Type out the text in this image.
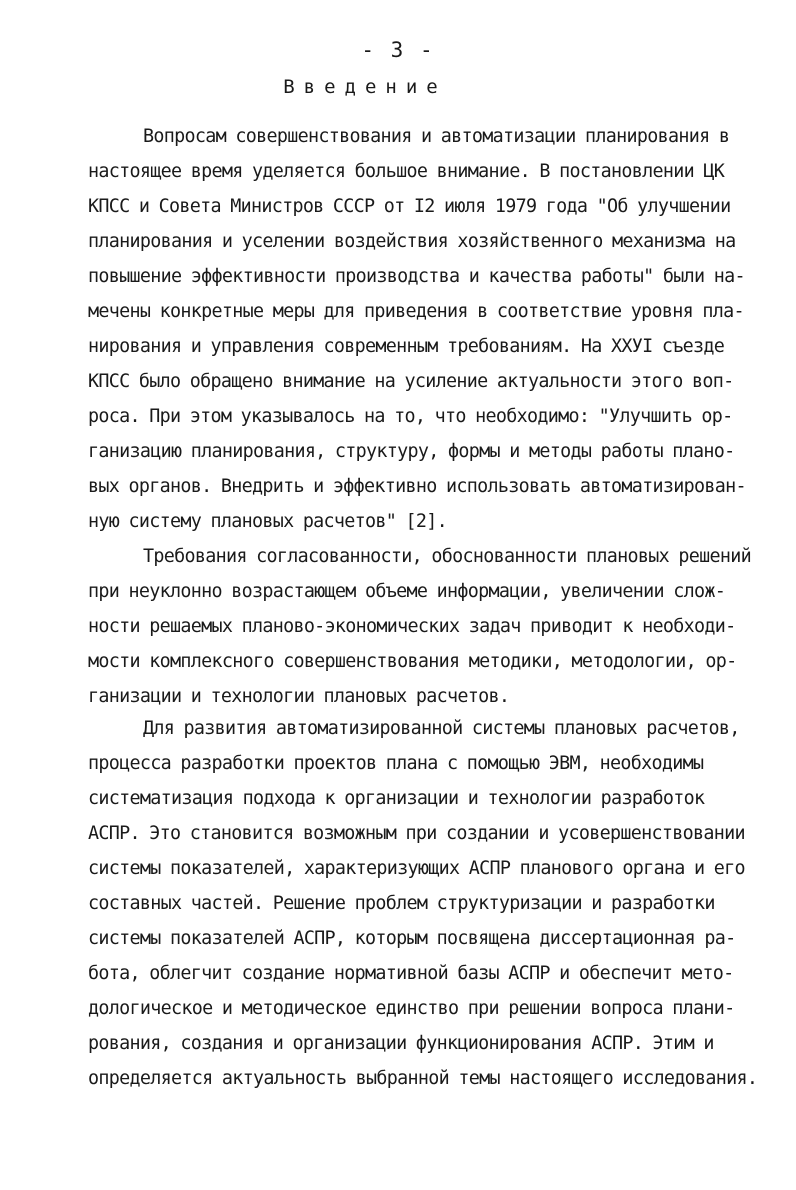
- 3 -
Введение
Вопросам совершенствования и автоматизации планирования в
настоящее время уделяется большое внимание. В постановлении ЦК
КПСС и Совета Министров СССР от I2 июля 1979 года "Об улучшении
планирования и уселении воздействия хозяйственного механизма на
повышение эффективности производства и качества работы" были на-
мечены конкретные меры для приведения в соответствие уровня пла-
нирования и управления современным требованиям. На XXУI съезде
КПСС было обращено внимание на усиление актуальности этого воп-
роса. При этом указывалось на то, что необходимо: "Улучшить ор-
ганизацию планирования, структуру, формы и методы работы плано-
вых органов. Внедрить и эффективно использовать автоматизирован-
ную систему плановых расчетов" [2].
Требования согласованности, обоснованности плановых решений
при неуклонно возрастающем объеме информации, увеличении слож-
ности решаемых планово-экономических задач приводит к необходи-
мости комплексного совершенствования методики, методологии, ор-
ганизации и технологии плановых расчетов.
Для развития автоматизированной системы плановых расчетов,
процесса разработки проектов плана с помощью ЭВМ, необходимы
систематизация подхода к организации и технологии разработок
АСПР. Это становится возможным при создании и усовершенствовании
системы показателей, характеризующих АСПР планового органа и его
составных частей. Решение проблем структуризации и разработки
системы показателей АСПР, которым посвящена диссертационная ра-
бота, облегчит создание нормативной базы АСПР и обеспечит мето-
дологическое и методическое единство при решении вопроса плани-
рования, создания и организации функционирования АСПР. Этим и
определяется актуальность выбранной темы настоящего исследования.
